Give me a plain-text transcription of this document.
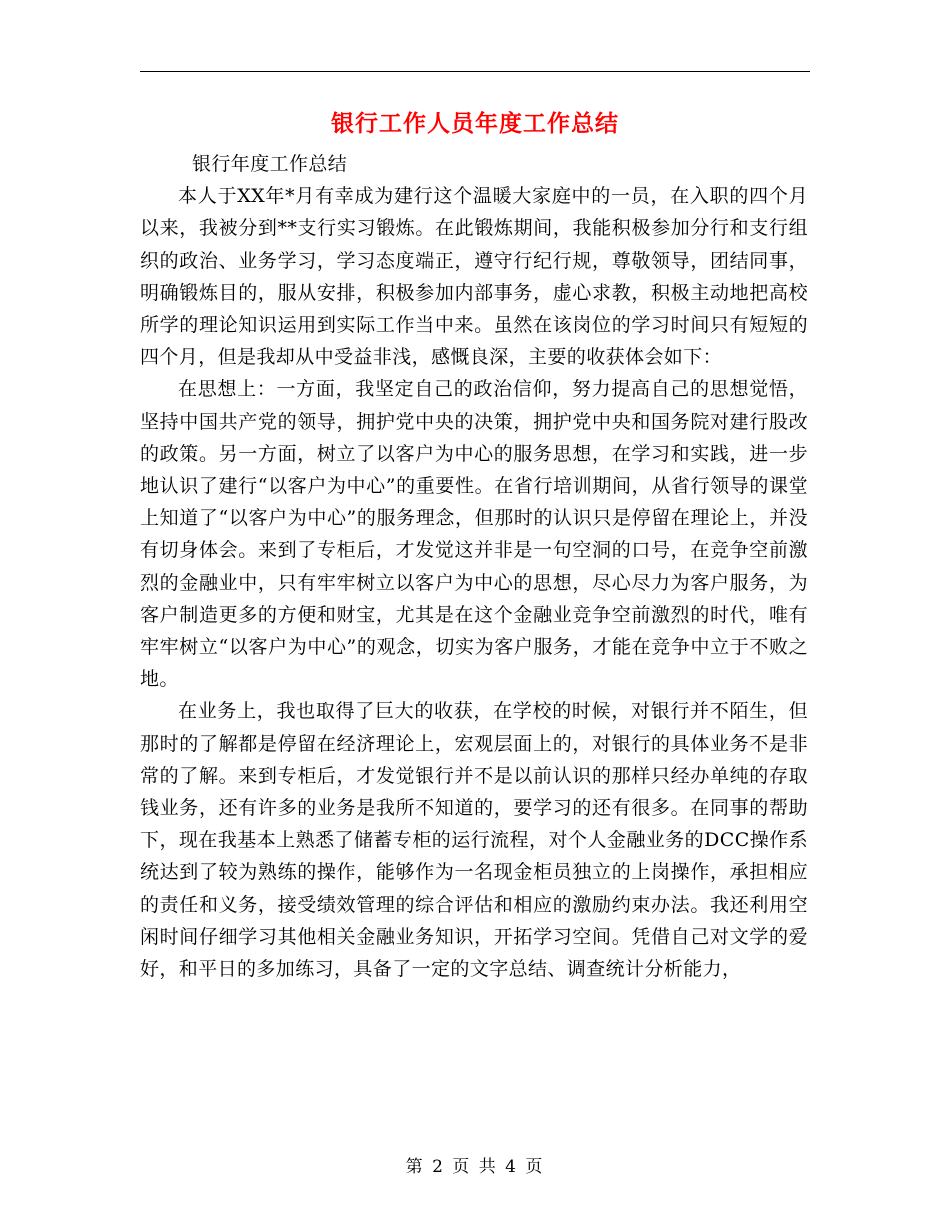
银行工作人员年度工作总结

银行年度工作总结

本人于XX年*月有幸成为建行这个温暖大家庭中的一员，在入职的四个月以来，我被分到**支行实习锻炼。在此锻炼期间，我能积极参加分行和支行组织的政治、业务学习，学习态度端正，遵守行纪行规，尊敬领导，团结同事，明确锻炼目的，服从安排，积极参加内部事务，虚心求教，积极主动地把高校所学的理论知识运用到实际工作当中来。虽然在该岗位的学习时间只有短短的四个月，但是我却从中受益非浅，感慨良深，主要的收获体会如下：

在思想上：一方面，我坚定自己的政治信仰，努力提高自己的思想觉悟，坚持中国共产党的领导，拥护党中央的决策，拥护党中央和国务院对建行股改的政策。另一方面，树立了以客户为中心的服务思想，在学习和实践，进一步地认识了建行“以客户为中心”的重要性。在省行培训期间，从省行领导的课堂上知道了“以客户为中心”的服务理念，但那时的认识只是停留在理论上，并没有切身体会。来到了专柜后，才发觉这并非是一句空洞的口号，在竞争空前激烈的金融业中，只有牢牢树立以客户为中心的思想，尽心尽力为客户服务，为客户制造更多的方便和财宝，尤其是在这个金融业竞争空前激烈的时代，唯有牢牢树立“以客户为中心”的观念，切实为客户服务，才能在竞争中立于不败之地。

在业务上，我也取得了巨大的收获，在学校的时候，对银行并不陌生，但那时的了解都是停留在经济理论上，宏观层面上的，对银行的具体业务不是非常的了解。来到专柜后，才发觉银行并不是以前认识的那样只经办单纯的存取钱业务，还有许多的业务是我所不知道的，要学习的还有很多。在同事的帮助下，现在我基本上熟悉了储蓄专柜的运行流程，对个人金融业务的DCC操作系统达到了较为熟练的操作，能够作为一名现金柜员独立的上岗操作，承担相应的责任和义务，接受绩效管理的综合评估和相应的激励约束办法。我还利用空闲时间仔细学习其他相关金融业务知识，开拓学习空间。凭借自己对文学的爱好，和平日的多加练习，具备了一定的文字总结、调查统计分析能力，

第 2 页 共 4 页
